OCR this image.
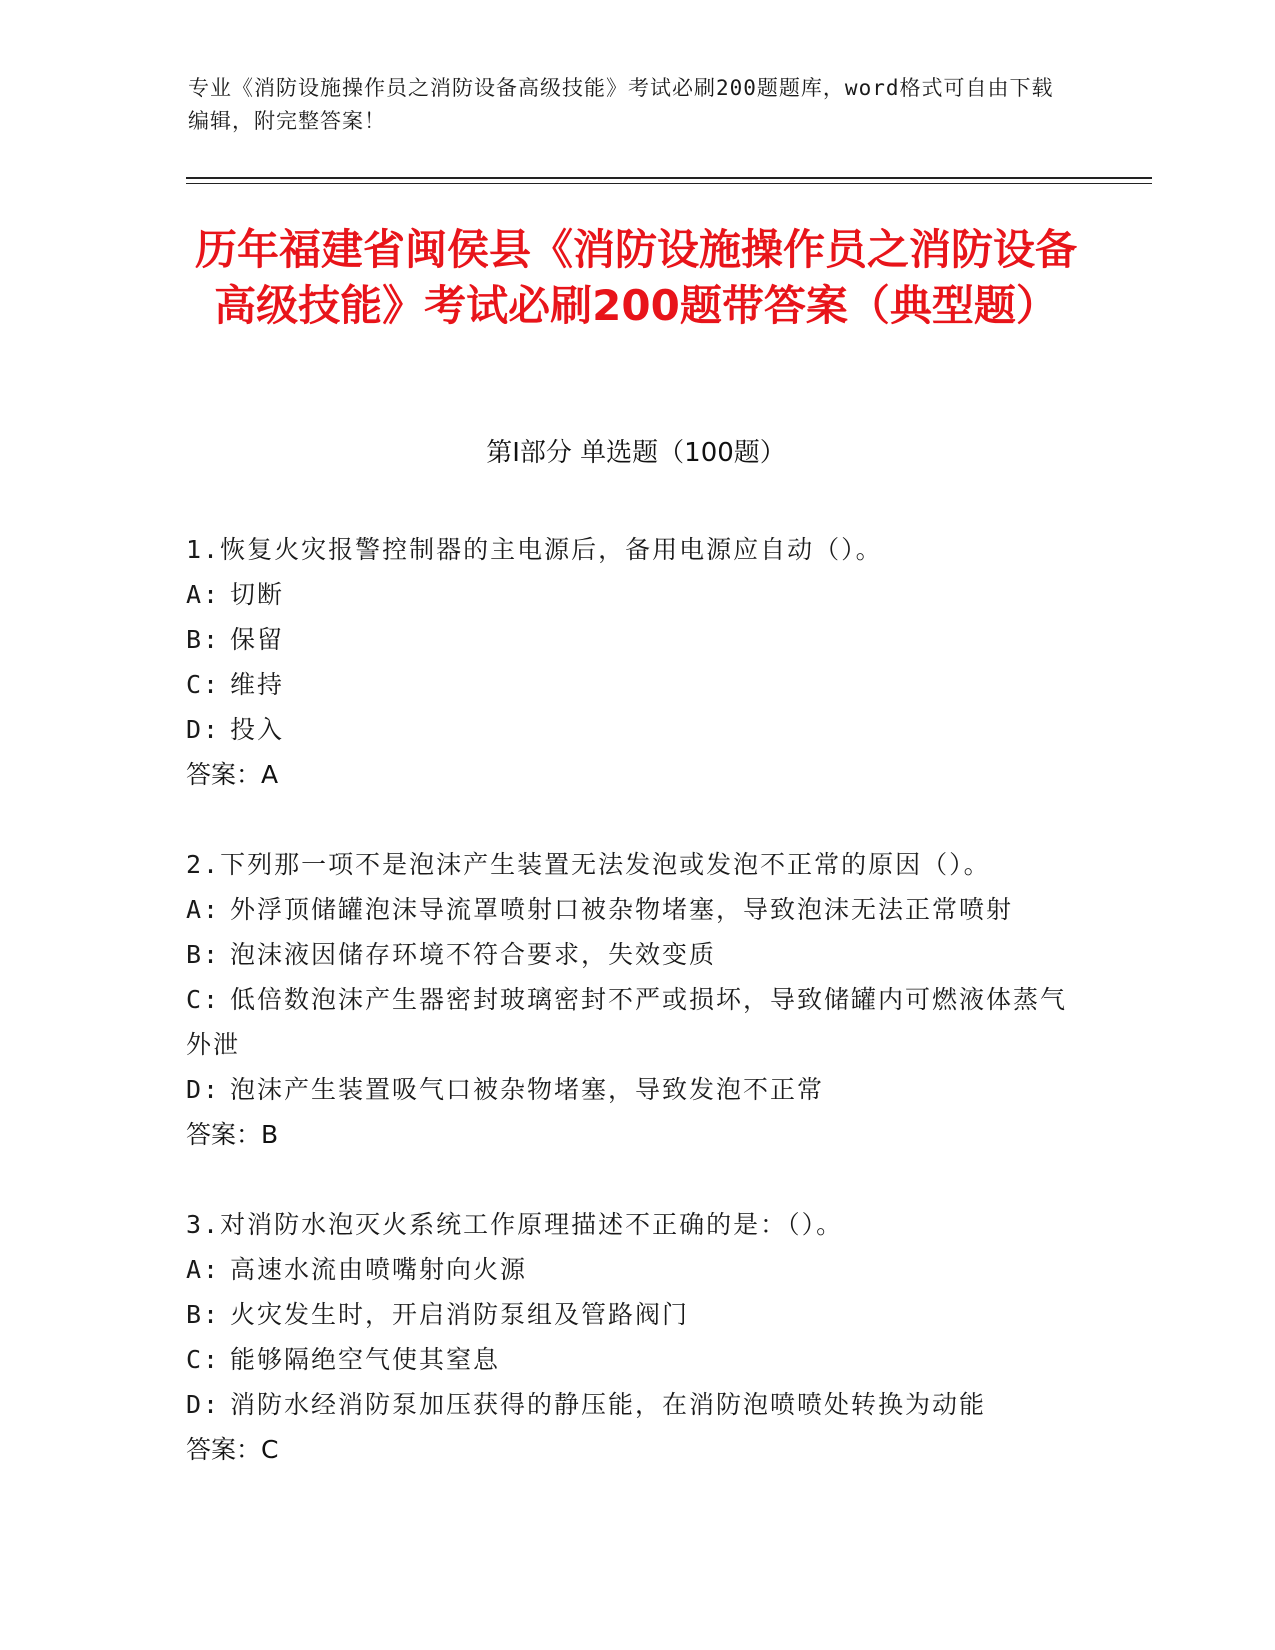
专业《消防设施操作员之消防设备高级技能》考试必刷200题题库，word格式可自由下载编辑，附完整答案！
历年福建省闽侯县《消防设施操作员之消防设备高级技能》考试必刷200题带答案（典型题）
第I部分 单选题（100题）
1.恢复火灾报警控制器的主电源后，备用电源应自动（）。
A: 切断
B: 保留
C: 维持
D: 投入
答案：A
2.下列那一项不是泡沫产生装置无法发泡或发泡不正常的原因（）。
A: 外浮顶储罐泡沫导流罩喷射口被杂物堵塞，导致泡沫无法正常喷射
B: 泡沫液因储存环境不符合要求，失效变质
C: 低倍数泡沫产生器密封玻璃密封不严或损坏，导致储罐内可燃液体蒸气外泄
D: 泡沫产生装置吸气口被杂物堵塞，导致发泡不正常
答案：B
3.对消防水泡灭火系统工作原理描述不正确的是：（）。
A: 高速水流由喷嘴射向火源
B: 火灾发生时，开启消防泵组及管路阀门
C: 能够隔绝空气使其窒息
D: 消防水经消防泵加压获得的静压能，在消防泡喷喷处转换为动能
答案：C
